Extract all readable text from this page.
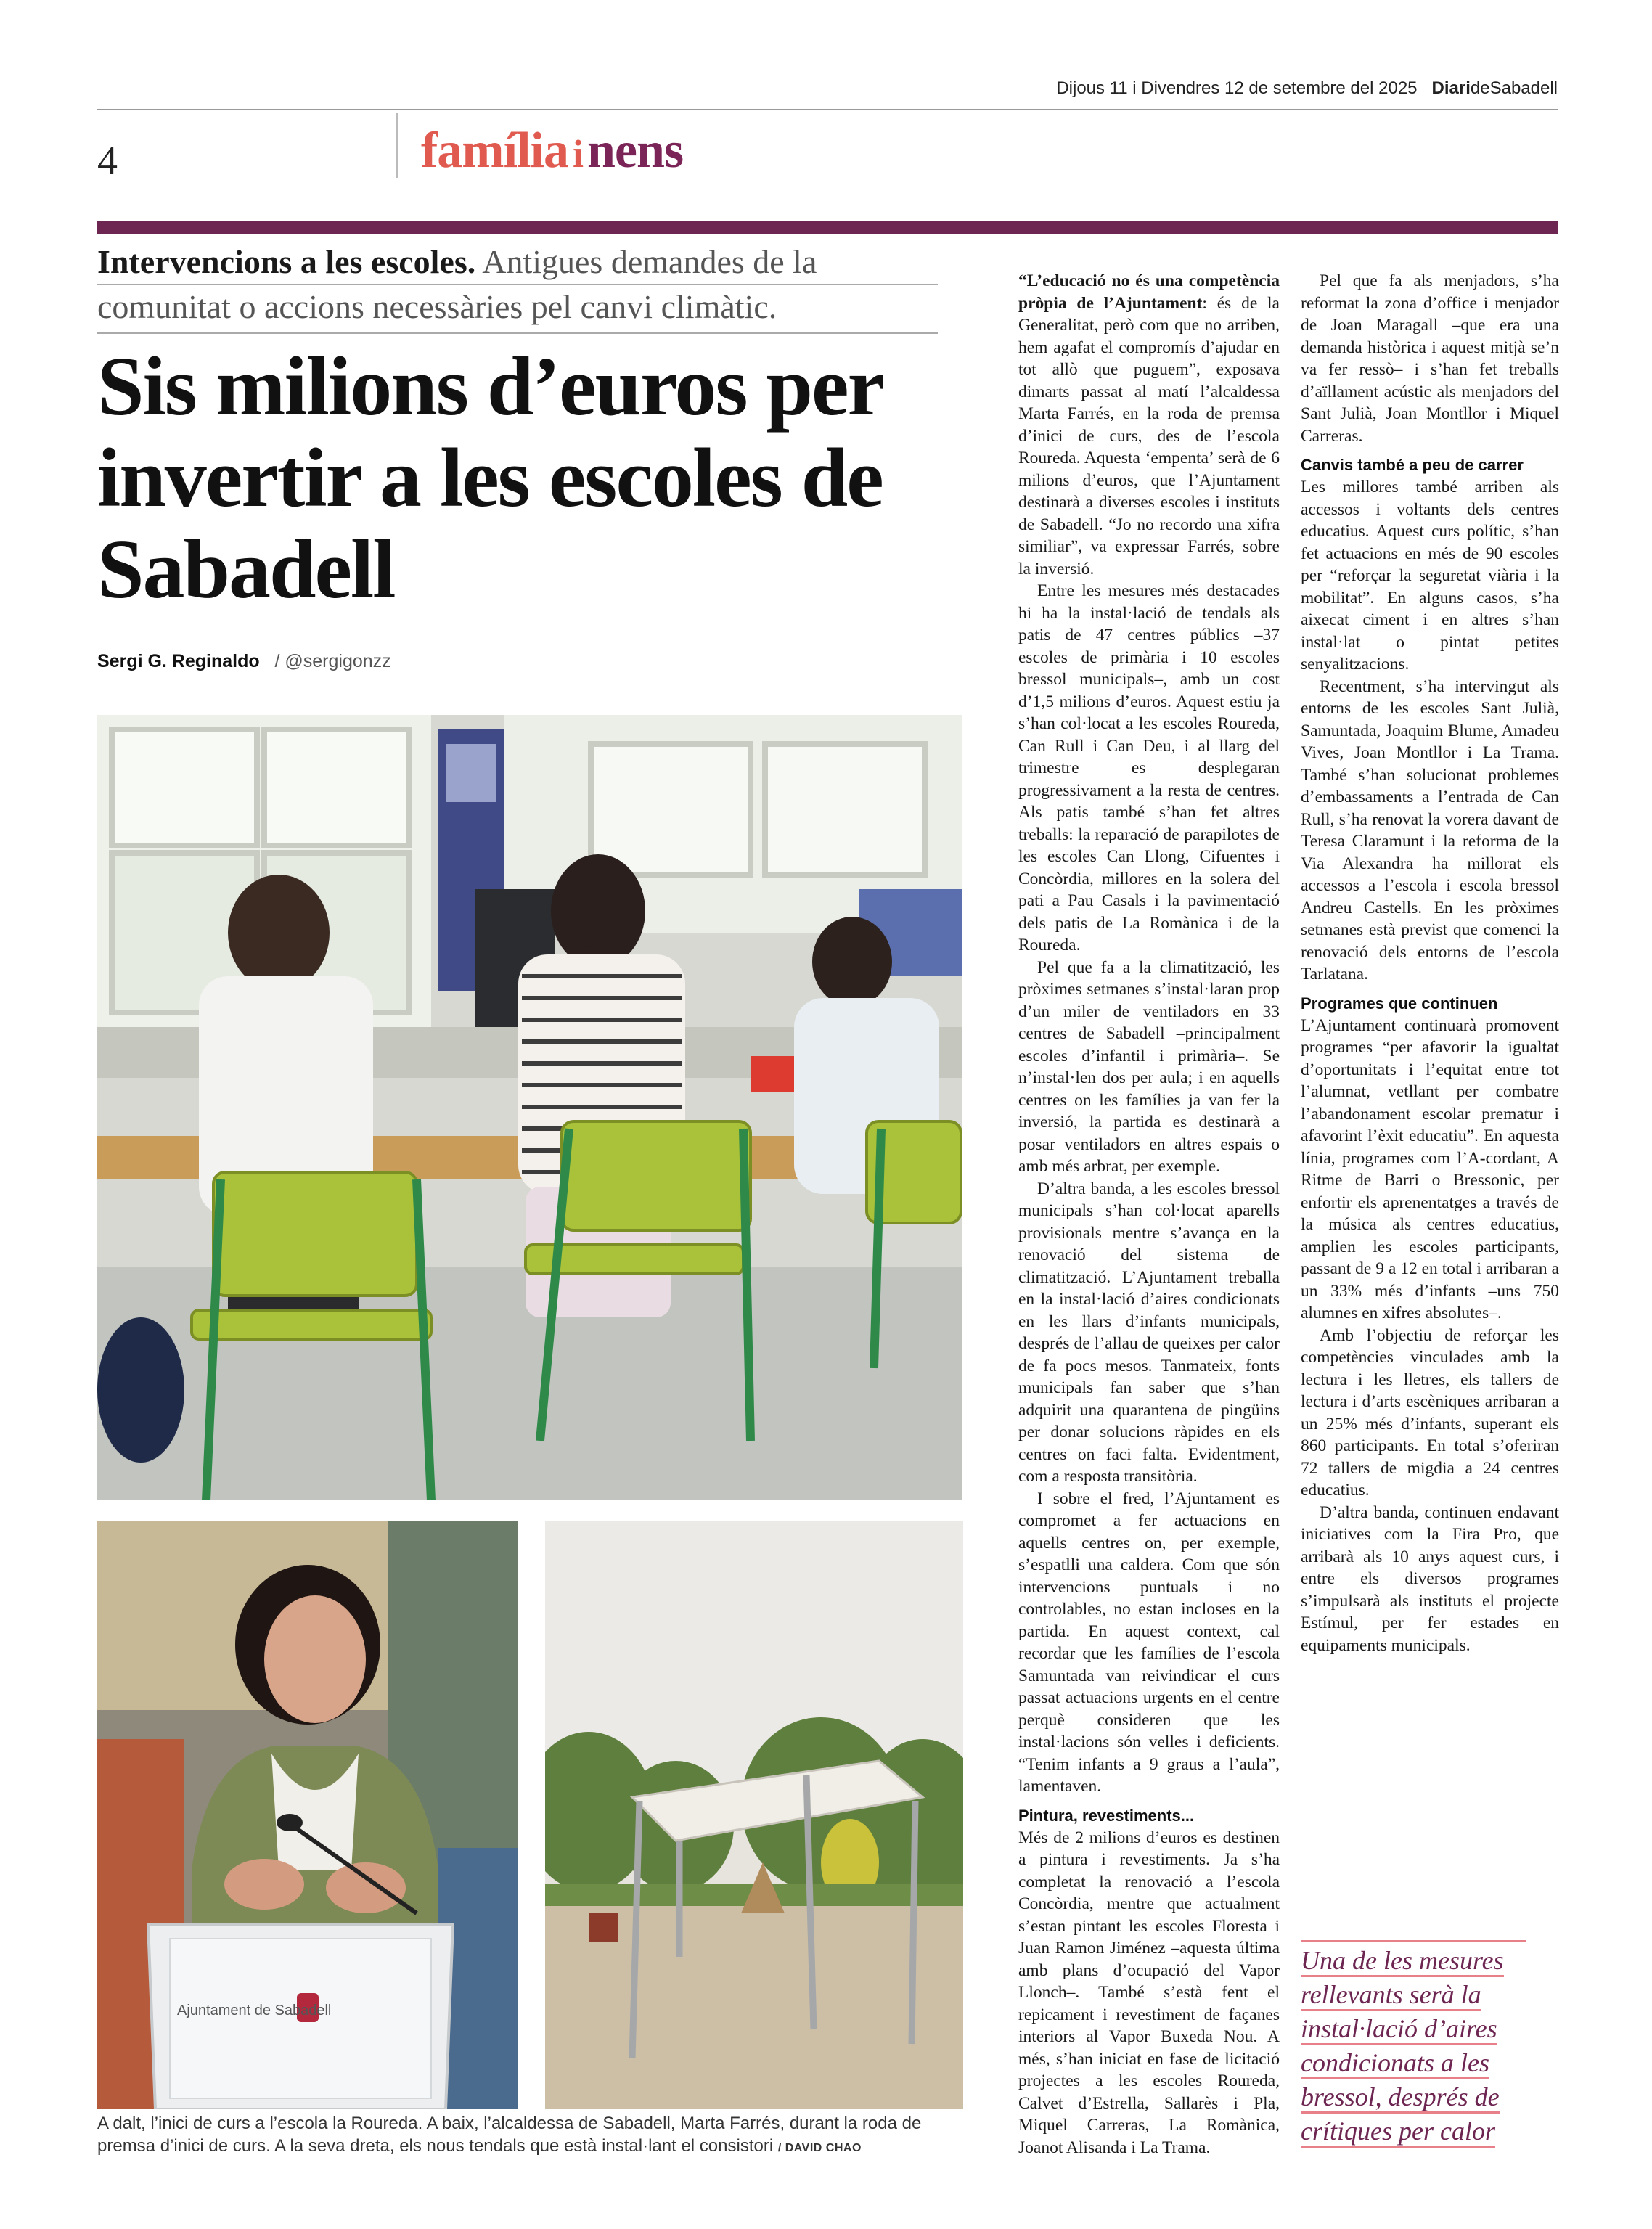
Dijous 11 i Divendres 12 de setembre del 2025 DiarideSabadell
4	família inens
Intervencions a les escoles. Antigues demandes de la comunitat o accions necessàries pel canvi climàtic.
Sis milions d’euros per invertir a les escoles de Sabadell
Sergi G. Reginaldo / @sergigonzz
Ajuntament de Sabadell
A dalt, l’inici de curs a l’escola la Roureda. A baix, l’alcaldessa de Sabadell, Marta Farrés, durant la roda de premsa d’inici de curs. A la seva dreta, els nous tendals que està instal·lant el consistori / DAVID CHAO

“L’educació no és una competència pròpia de l’Ajuntament: és de la Generalitat, però com que no arriben, hem agafat el compromís d’ajudar en tot allò que puguem”, exposava dimarts passat al matí l’alcaldessa Marta Farrés, en la roda de premsa d’inici de curs, des de l’escola Roureda. Aquesta ‘empenta’ serà de 6 milions d’euros, que l’Ajuntament destinarà a diverses escoles i instituts de Sabadell. “Jo no recordo una xifra similiar”, va expressar Farrés, sobre la inversió.

Entre les mesures més destacades hi ha la instal·lació de tendals als patis de 47 centres públics –37 escoles de primària i 10 escoles bressol municipals–, amb un cost d’1,5 milions d’euros. Aquest estiu ja s’han col·locat a les escoles Roureda, Can Rull i Can Deu, i al llarg del trimestre es desplegaran progressivament a la resta de centres. Als patis també s’han fet altres treballs: la reparació de parapilotes de les escoles Can Llong, Cifuentes i Concòrdia, millores en la solera del pati a Pau Casals i la pavimentació dels patis de La Romànica i de la Roureda.

Pel que fa a la climatització, les pròximes setmanes s’instal·laran prop d’un miler de ventiladors en 33 centres de Sabadell –principalment escoles d’infantil i primària–. Se n’instal·len dos per aula; i en aquells centres on les famílies ja van fer la inversió, la partida es destinarà a posar ventiladors en altres espais o amb més arbrat, per exemple.

D’altra banda, a les escoles bressol municipals s’han col·locat aparells provisionals mentre s’avança en la renovació del sistema de climatització. L’Ajuntament treballa en la instal·lació d’aires condicionats en les llars d’infants municipals, després de l’allau de queixes per calor de fa pocs mesos. Tanmateix, fonts municipals fan saber que s’han adquirit una quarantena de pingüins per donar solucions ràpides en els centres on faci falta. Evidentment, com a resposta transitòria.

I sobre el fred, l’Ajuntament es compromet a fer actuacions en aquells centres on, per exemple, s’espatlli una caldera. Com que són intervencions puntuals i no controlables, no estan incloses en la partida. En aquest context, cal recordar que les famílies de l’escola Samuntada van reivindicar el curs passat actuacions urgents en el centre perquè consideren que les instal·lacions són velles i deficients. “Tenim infants a 9 graus a l’aula”, lamentaven.

Pintura, revestiments...

Més de 2 milions d’euros es destinen a pintura i revestiments. Ja s’ha completat la renovació a l’escola Concòrdia, mentre que actualment s’estan pintant les escoles Floresta i Juan Ramon Jiménez –aquesta última amb plans d’ocupació del Vapor Llonch–. També s’està fent el repicament i revestiment de façanes interiors al Vapor Buxeda Nou. A més, s’han iniciat en fase de licitació projectes a les escoles Roureda, Calvet d’Estrella, Sallarès i Pla, Miquel Carreras, La Romànica, Joanot Alisanda i La Trama.

Pel que fa als menjadors, s’ha reformat la zona d’office i menjador de Joan Maragall –que era una demanda històrica i aquest mitjà se’n va fer ressò– i s’han fet treballs d’aïllament acústic als menjadors del Sant Julià, Joan Montllor i Miquel Carreras.

Canvis també a peu de carrer

Les millores també arriben als accessos i voltants dels centres educatius. Aquest curs polític, s’han fet actuacions en més de 90 escoles per “reforçar la seguretat viària i la mobilitat”. En alguns casos, s’ha aixecat ciment i en altres s’han instal·lat o pintat petites senyalitzacions.

Recentment, s’ha intervingut als entorns de les escoles Sant Julià, Samuntada, Joaquim Blume, Amadeu Vives, Joan Montllor i La Trama. També s’han solucionat problemes d’embassaments a l’entrada de Can Rull, s’ha renovat la vorera davant de Teresa Claramunt i la reforma de la Via Alexandra ha millorat els accessos a l’escola i escola bressol Andreu Castells. En les pròximes setmanes està previst que comenci la renovació dels entorns de l’escola Tarlatana.

Programes que continuen

L’Ajuntament continuarà promovent programes “per afavorir la igualtat d’oportunitats i l’equitat entre tot l’alumnat, vetllant per combatre l’abandonament escolar prematur i afavorint l’èxit educatiu”. En aquesta línia, programes com l’A-cordant, A Ritme de Barri o Bressonic, per enfortir els aprenentatges a través de la música als centres educatius, amplien les escoles participants, passant de 9 a 12 en total i arribaran a un 33% més d’infants –uns 750 alumnes en xifres absolutes–.

Amb l’objectiu de reforçar les competències vinculades amb la lectura i les lletres, els tallers de lectura i d’arts escèniques arribaran a un 25% més d’infants, superant els 860 participants. En total s’oferiran 72 tallers de migdia a 24 centres educatius.

D’altra banda, continuen endavant iniciatives com la Fira Pro, que arribarà als 10 anys aquest curs, i entre els diversos programes s’impulsarà als instituts el projecte Estímul, per fer estades en equipaments municipals.

Una de les mesures rellevants serà la instal·lació d’aires condicionats a les bressol, després de crítiques per calor
